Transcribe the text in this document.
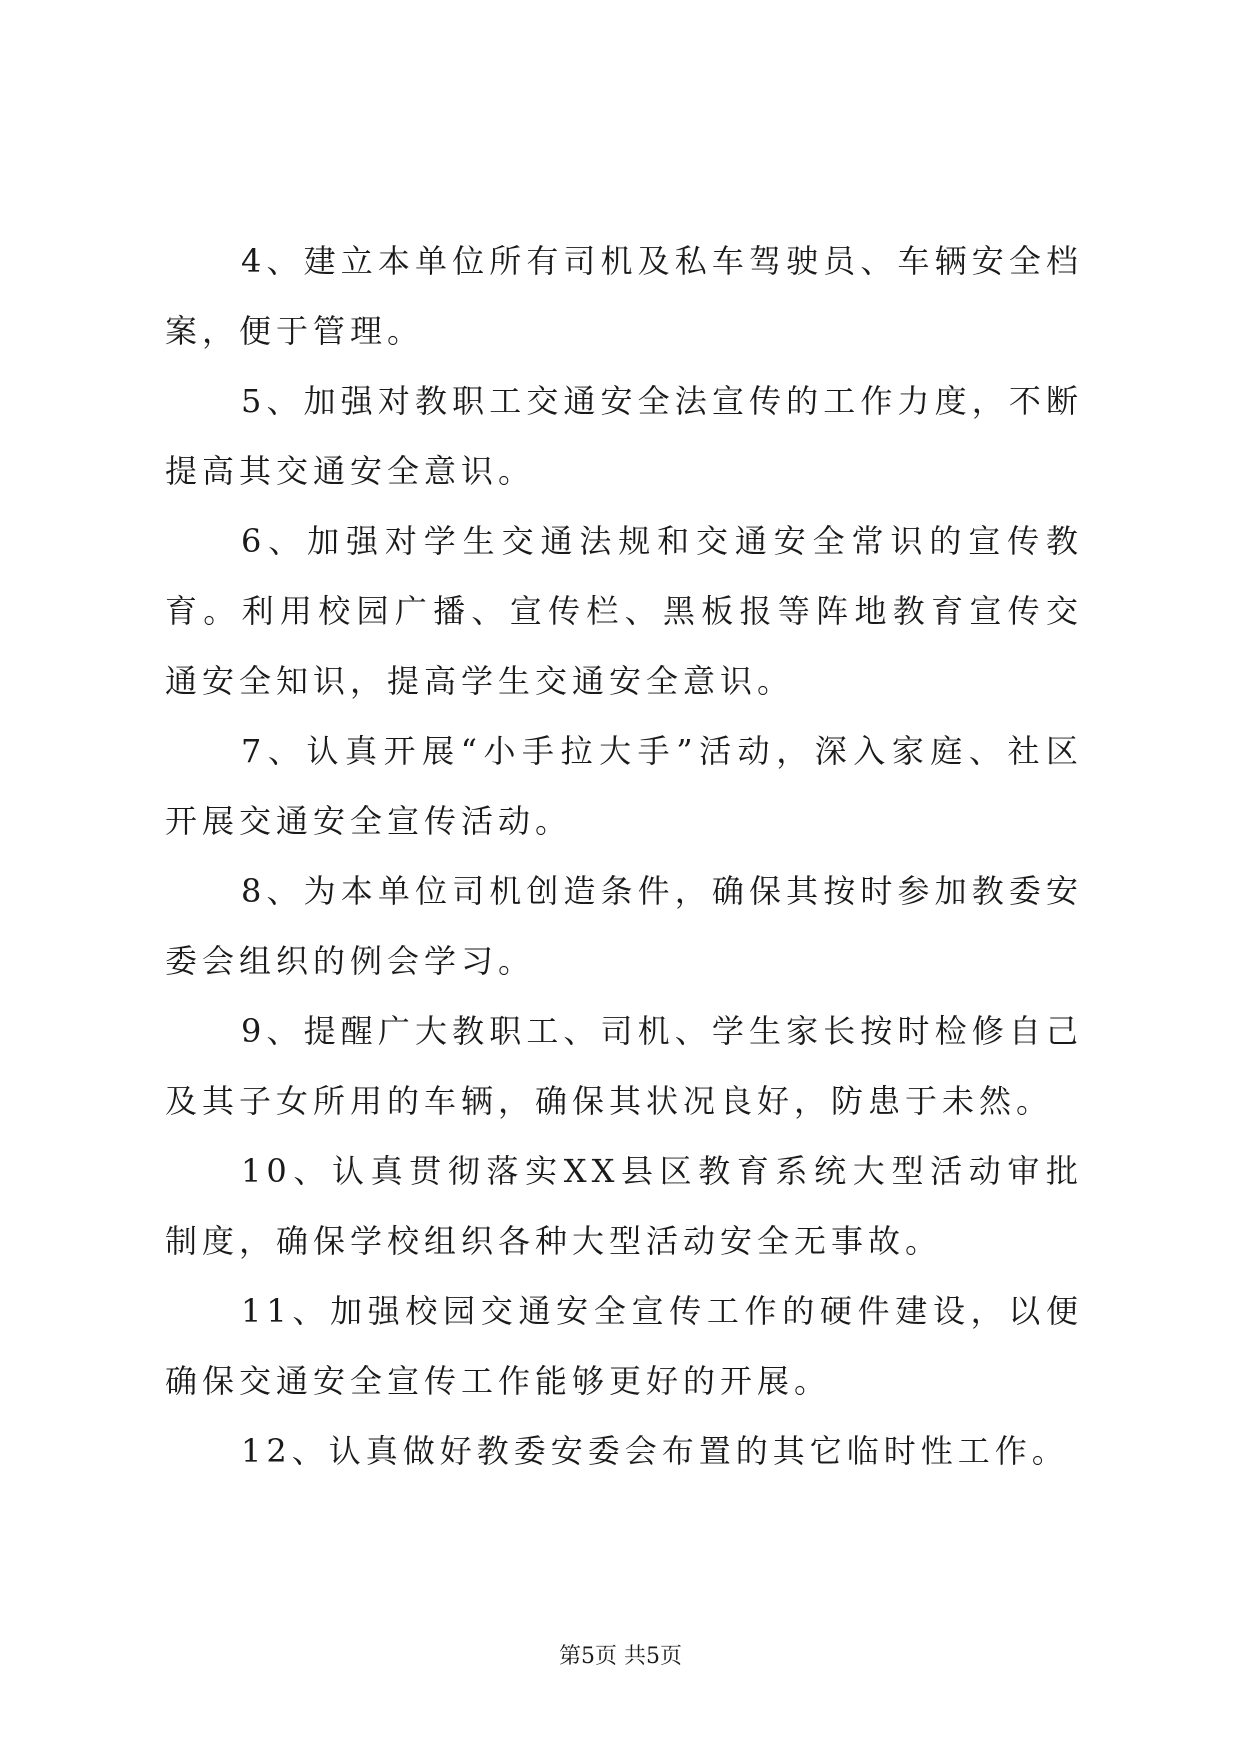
4、建立本单位所有司机及私车驾驶员、车辆安全档案，便于管理。

5、加强对教职工交通安全法宣传的工作力度，不断提高其交通安全意识。

6、加强对学生交通法规和交通安全常识的宣传教育。利用校园广播、宣传栏、黑板报等阵地教育宣传交通安全知识，提高学生交通安全意识。

7、认真开展“小手拉大手”活动，深入家庭、社区开展交通安全宣传活动。

8、为本单位司机创造条件，确保其按时参加教委安委会组织的例会学习。

9、提醒广大教职工、司机、学生家长按时检修自己及其子女所用的车辆，确保其状况良好，防患于未然。

10、认真贯彻落实XX县区教育系统大型活动审批制度，确保学校组织各种大型活动安全无事故。

11、加强校园交通安全宣传工作的硬件建设，以便确保交通安全宣传工作能够更好的开展。

12、认真做好教委安委会布置的其它临时性工作。

第5页 共5页
